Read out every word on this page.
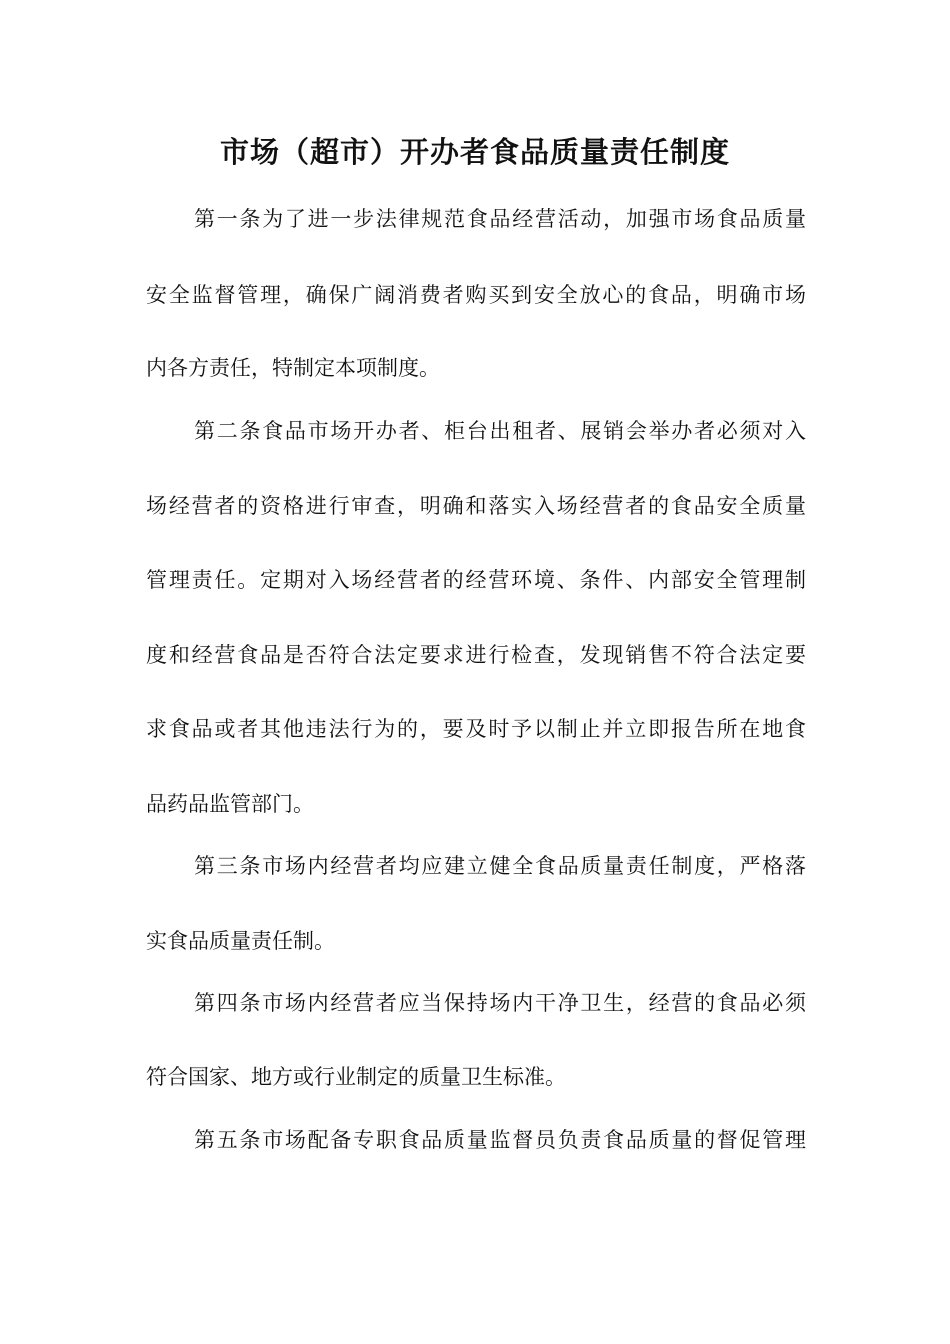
市场（超市）开办者食品质量责任制度
第一条为了进一步法律规范食品经营活动，加强市场食品质量
安全监督管理，确保广阔消费者购买到安全放心的食品，明确市场
内各方责任，特制定本项制度。
第二条食品市场开办者、柜台出租者、展销会举办者必须对入
场经营者的资格进行审查，明确和落实入场经营者的食品安全质量
管理责任。定期对入场经营者的经营环境、条件、内部安全管理制
度和经营食品是否符合法定要求进行检查，发现销售不符合法定要
求食品或者其他违法行为的，要及时予以制止并立即报告所在地食
品药品监管部门。
第三条市场内经营者均应建立健全食品质量责任制度，严格落
实食品质量责任制。
第四条市场内经营者应当保持场内干净卫生，经营的食品必须
符合国家、地方或行业制定的质量卫生标准。
第五条市场配备专职食品质量监督员负责食品质量的督促管理
